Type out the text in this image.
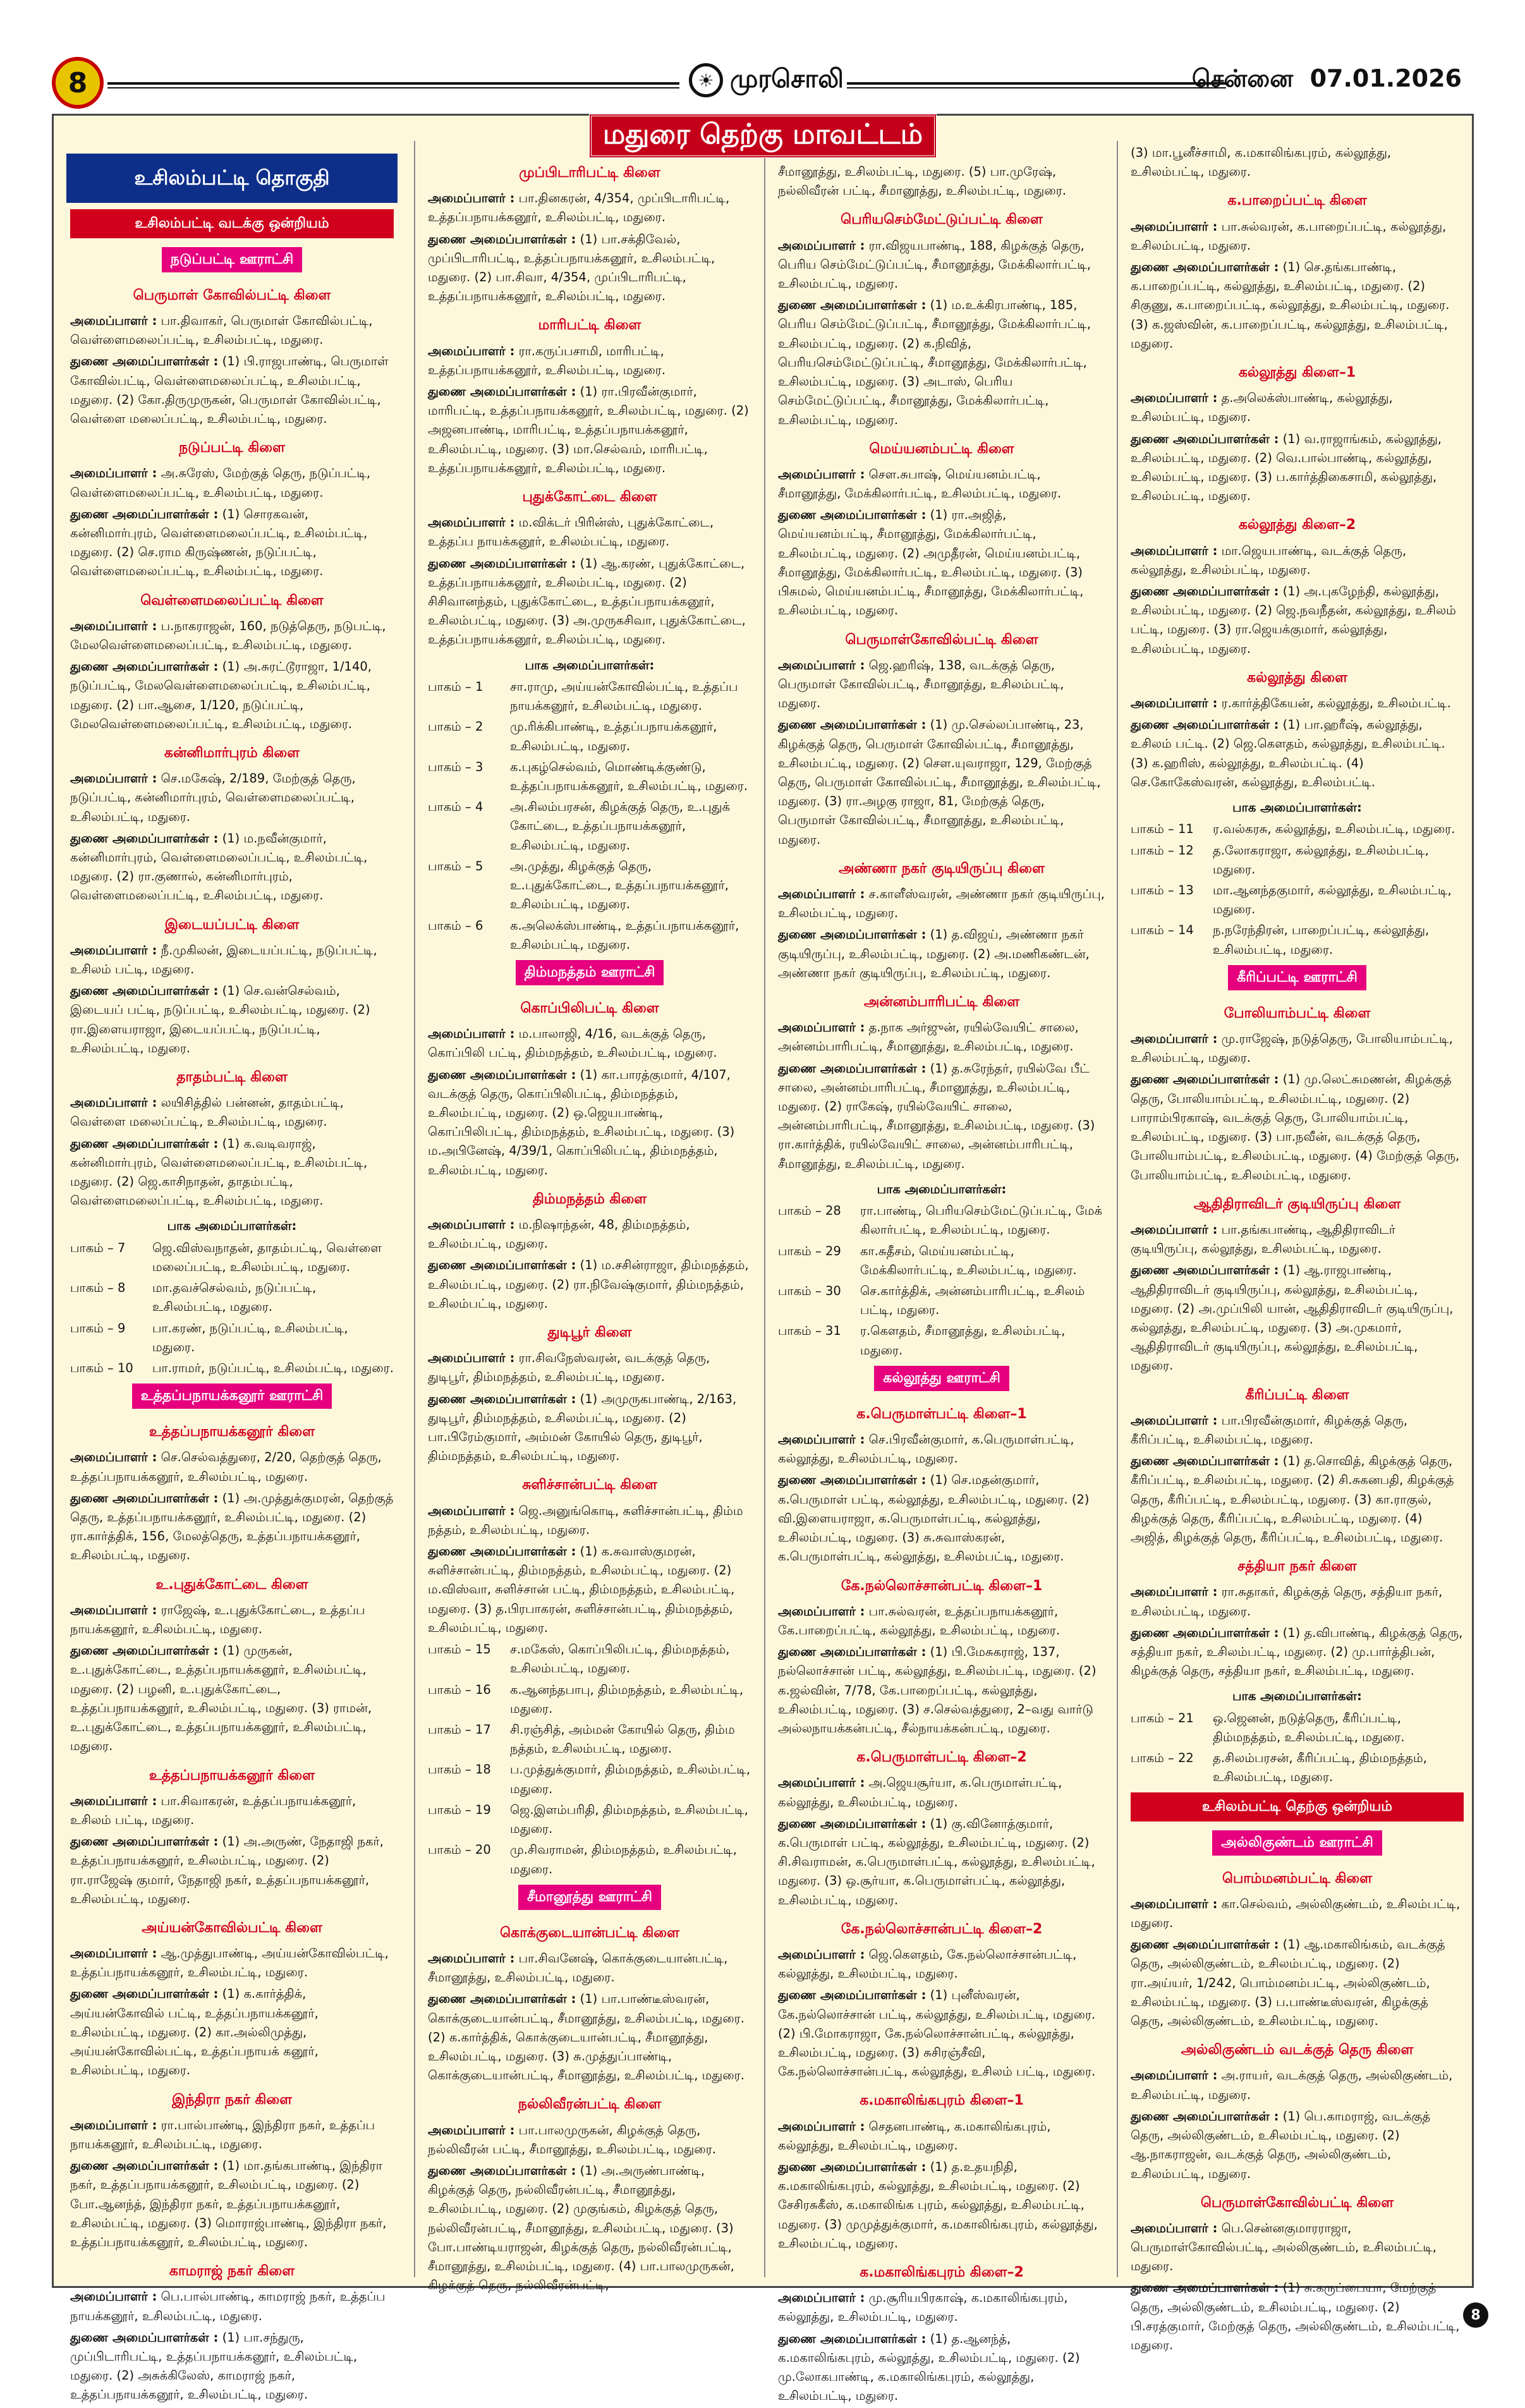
8	☀ முரசொலி	சென்னை 07.01.2026
உசிலம்பட்டி தொகுதி
உசிலம்பட்டி வடக்கு ஒன்றியம்
நடுப்பட்டி ஊராட்சி
பெருமாள் கோவில்பட்டி கிளை

அமைப்பாளர் : பா.திவாகர், பெருமாள் கோவில்பட்டி, வெள்ளைமலைப்பட்டி, உசிலம்பட்டி, மதுரை.

துணை அமைப்பாளர்கள் : (1) பி.ராஜபாண்டி, பெருமாள் கோவில்பட்டி, வெள்ளைமலைப்பட்டி, உசிலம்பட்டி, மதுரை. (2) கோ.திருமுருகன், பெருமாள் கோவில்பட்டி, வெள்ளை மலைப்பட்டி, உசிலம்பட்டி, மதுரை.

நடுப்பட்டி கிளை

அமைப்பாளர் : அ.சுரேஸ், மேற்குத் தெரு, நடுப்பட்டி, வெள்ளைமலைப்பட்டி, உசிலம்பட்டி, மதுரை.

துணை அமைப்பாளர்கள் : (1) சொரகவன், கன்னிமார்புரம், வெள்ளைமலைப்பட்டி, உசிலம்பட்டி, மதுரை. (2) செ.ராம கிருஷ்ணன், நடுப்பட்டி, வெள்ளைமலைப்பட்டி, உசிலம்பட்டி, மதுரை.

வெள்ளைமலைப்பட்டி கிளை

அமைப்பாளர் : ப.நாகராஜன், 160, நடுத்தெரு, நடுபட்டி, மேலவெள்ளைமலைப்பட்டி, உசிலம்பட்டி, மதுரை.

துணை அமைப்பாளர்கள் : (1) அ.சுரட்டூராஜா, 1/140, நடுப்பட்டி, மேலவெள்ளைமலைப்பட்டி, உசிலம்பட்டி, மதுரை. (2) பா.ஆசை, 1/120, நடுப்பட்டி, மேலவெள்ளைமலைப்பட்டி, உசிலம்பட்டி, மதுரை.

கன்னிமார்புரம் கிளை

அமைப்பாளர் : செ.மகேஷ், 2/189, மேற்குத் தெரு, நடுப்பட்டி, கன்னிமார்புரம், வெள்ளைமலைப்பட்டி, உசிலம்பட்டி, மதுரை.

துணை அமைப்பாளர்கள் : (1) ம.நவீன்குமார், கன்னிமார்புரம், வெள்ளைமலைப்பட்டி, உசிலம்பட்டி, மதுரை. (2) ரா.குணால், கன்னிமார்புரம், வெள்ளைமலைப்பட்டி, உசிலம்பட்டி, மதுரை.

இடையப்பட்டி கிளை

அமைப்பாளர் : நீ.முகிலன், இடையப்பட்டி, நடுப்பட்டி, உசிலம் பட்டி, மதுரை.

துணை அமைப்பாளர்கள் : (1) செ.வன்செல்வம், இடையப் பட்டி, நடுப்பட்டி, உசிலம்பட்டி, மதுரை. (2) ரா.இளையராஜா, இடையப்பட்டி, நடுப்பட்டி, உசிலம்பட்டி, மதுரை.

தாதம்பட்டி கிளை

அமைப்பாளர் : லயிசித்தில் பன்னன், தாதம்பட்டி, வெள்ளை மலைப்பட்டி, உசிலம்பட்டி, மதுரை.

துணை அமைப்பாளர்கள் : (1) க.வடிவராஜ், கன்னிமார்புரம், வெள்ளைமலைப்பட்டி, உசிலம்பட்டி, மதுரை. (2) ஜெ.காசிநாதன், தாதம்பட்டி, வெள்ளைமலைப்பட்டி, உசிலம்பட்டி, மதுரை.

பாக அமைப்பாளர்கள்:
பாகம் – 7	ஜெ.விஸ்வநாதன், தாதம்பட்டி, வெள்ளை மலைப்பட்டி, உசிலம்பட்டி, மதுரை.
பாகம் – 8	மா.தவச்செல்வம், நடுப்பட்டி, உசிலம்பட்டி, மதுரை.
பாகம் – 9	பா.கரண், நடுப்பட்டி, உசிலம்பட்டி, மதுரை.
பாகம் – 10	பா.ராமர், நடுப்பட்டி, உசிலம்பட்டி, மதுரை.
உத்தப்பநாயக்கனூர் ஊராட்சி
உத்தப்பநாயக்கனூர் கிளை

அமைப்பாளர் : செ.செல்வத்துரை, 2/20, தெற்குத் தெரு, உத்தப்பநாயக்கனூர், உசிலம்பட்டி, மதுரை.

துணை அமைப்பாளர்கள் : (1) அ.முத்துக்குமரன், தெற்குத் தெரு, உத்தப்பநாயக்கனூர், உசிலம்பட்டி, மதுரை. (2) ரா.கார்த்திக், 156, மேலத்தெரு, உத்தப்பநாயக்கனூர், உசிலம்பட்டி, மதுரை.

உ.புதுக்கோட்டை கிளை

அமைப்பாளர் : ராஜேஷ், உ.புதுக்கோட்டை, உத்தப்ப நாயக்கனூர், உசிலம்பட்டி, மதுரை.

துணை அமைப்பாளர்கள் : (1) முருகன், உ.புதுக்கோட்டை, உத்தப்பநாயக்கனூர், உசிலம்பட்டி, மதுரை. (2) பழனி, உ.புதுக்கோட்டை, உத்தப்பநாயக்கனூர், உசிலம்பட்டி, மதுரை. (3) ராமன், உ.புதுக்கோட்டை, உத்தப்பநாயக்கனூர், உசிலம்பட்டி, மதுரை.

உத்தப்பநாயக்கனூர் கிளை

அமைப்பாளர் : பா.சிவாகரன், உத்தப்பநாயக்கனூர், உசிலம் பட்டி, மதுரை.

துணை அமைப்பாளர்கள் : (1) அ.அருண், நேதாஜி நகர், உத்தப்பநாயக்கனூர், உசிலம்பட்டி, மதுரை. (2) ரா.ராஜேஷ் குமார், நேதாஜி நகர், உத்தப்பநாயக்கனூர், உசிலம்பட்டி, மதுரை.

அய்யன்கோவில்பட்டி கிளை

அமைப்பாளர் : ஆ.முத்துபாண்டி, அய்யன்கோவில்பட்டி, உத்தப்பநாயக்கனூர், உசிலம்பட்டி, மதுரை.

துணை அமைப்பாளர்கள் : (1) க.கார்த்திக், அய்யன்கோவில் பட்டி, உத்தப்பநாயக்கனூர், உசிலம்பட்டி, மதுரை. (2) கா.அல்லிமுத்து, அய்யன்கோவில்பட்டி, உத்தப்பநாயக் கனூர், உசிலம்பட்டி, மதுரை.

இந்திரா நகர் கிளை

அமைப்பாளர் : ரா.பால்பாண்டி, இந்திரா நகர், உத்தப்ப நாயக்கனூர், உசிலம்பட்டி, மதுரை.

துணை அமைப்பாளர்கள் : (1) மா.தங்கபாண்டி, இந்திரா நகர், உத்தப்பநாயக்கனூர், உசிலம்பட்டி, மதுரை. (2) போ.ஆனந்த், இந்திரா நகர், உத்தப்பநாயக்கனூர், உசிலம்பட்டி, மதுரை. (3) மொராஜ்பாண்டி, இந்திரா நகர், உத்தப்பநாயக்கனூர், உசிலம்பட்டி, மதுரை.

காமராஜ் நகர் கிளை

அமைப்பாளர் : பெ.பால்பாண்டி, காமராஜ் நகர், உத்தப்ப நாயக்கனூர், உசிலம்பட்டி, மதுரை.

துணை அமைப்பாளர்கள் : (1) பா.சந்துரு, முப்பிடாரிபட்டி, உத்தப்பநாயக்கனூர், உசிலம்பட்டி, மதுரை. (2) அசுக்கிலேஸ், காமராஜ் நகர், உத்தப்பநாயக்கனூர், உசிலம்பட்டி, மதுரை.

முப்பிடாரிபட்டி கிளை

அமைப்பாளர் : பா.தினகரன், 4/354, முப்பிடாரிபட்டி, உத்தப்பநாயக்கனூர், உசிலம்பட்டி, மதுரை.

துணை அமைப்பாளர்கள் : (1) பா.சக்திவேல், முப்பிடாரிபட்டி, உத்தப்பநாயக்கனூர், உசிலம்பட்டி, மதுரை. (2) பா.சிவா, 4/354, முப்பிடாரிபட்டி, உத்தப்பநாயக்கனூர், உசிலம்பட்டி, மதுரை.

மாரிபட்டி கிளை

அமைப்பாளர் : ரா.கருப்பசாமி, மாரிபட்டி, உத்தப்பநாயக்கனூர், உசிலம்பட்டி, மதுரை.

துணை அமைப்பாளர்கள் : (1) ரா.பிரவீன்குமார், மாரிபட்டி, உத்தப்பநாயக்கனூர், உசிலம்பட்டி, மதுரை. (2) அஜனபாண்டி, மாரிபட்டி, உத்தப்பநாயக்கனூர், உசிலம்பட்டி, மதுரை. (3) மா.செல்வம், மாரிபட்டி, உத்தப்பநாயக்கனூர், உசிலம்பட்டி, மதுரை.

புதுக்கோட்டை கிளை

அமைப்பாளர் : ம.விக்டர் பிரின்ஸ், புதுக்கோட்டை, உத்தப்ப நாயக்கனூர், உசிலம்பட்டி, மதுரை.

துணை அமைப்பாளர்கள் : (1) ஆ.கரண், புதுக்கோட்டை, உத்தப்பநாயக்கனூர், உசிலம்பட்டி, மதுரை. (2) சிசிவானந்தம், புதுக்கோட்டை, உத்தப்பநாயக்கனூர், உசிலம்பட்டி, மதுரை. (3) அ.முருகசிவா, புதுக்கோட்டை, உத்தப்பநாயக்கனூர், உசிலம்பட்டி, மதுரை.

பாக அமைப்பாளர்கள்:
பாகம் – 1	சா.ராமு, அய்யன்கோவில்பட்டி, உத்தப்ப நாயக்கனூர், உசிலம்பட்டி, மதுரை.
பாகம் – 2	மு.ரிக்கிபாண்டி, உத்தப்பநாயக்கனூர், உசிலம்பட்டி, மதுரை.
பாகம் – 3	க.புகழ்செல்வம், மொண்டிக்குண்டு, உத்தப்பநாயக்கனூர், உசிலம்பட்டி, மதுரை.
பாகம் – 4	அ.சிலம்பரசன், கிழக்குத் தெரு, உ.புதுக் கோட்டை, உத்தப்பநாயக்கனூர், உசிலம்பட்டி, மதுரை.
பாகம் – 5	அ.முத்து, கிழக்குத் தெரு, உ.புதுக்கோட்டை, உத்தப்பநாயக்கனூர், உசிலம்பட்டி, மதுரை.
பாகம் – 6	க.அலெக்ஸ்பாண்டி, உத்தப்பநாயக்கனூர், உசிலம்பட்டி, மதுரை.
திம்மநத்தம் ஊராட்சி
கொப்பிலிபட்டி கிளை

அமைப்பாளர் : ம.பாலாஜி, 4/16, வடக்குத் தெரு, கொப்பிலி பட்டி, திம்மநத்தம், உசிலம்பட்டி, மதுரை.

துணை அமைப்பாளர்கள் : (1) கா.பாரத்குமார், 4/107, வடக்குத் தெரு, கொப்பிலிபட்டி, திம்மநத்தம், உசிலம்பட்டி, மதுரை. (2) ஒ.ஜெயபாண்டி, கொப்பிலிபட்டி, திம்மநத்தம், உசிலம்பட்டி, மதுரை. (3) ம.அபினேஷ், 4/39/1, கொப்பிலிபட்டி, திம்மநத்தம், உசிலம்பட்டி, மதுரை.

திம்மநத்தம் கிளை

அமைப்பாளர் : ம.நிஷாந்தன், 48, திம்மநத்தம், உசிலம்பட்டி, மதுரை.

துணை அமைப்பாளர்கள் : (1) ம.சசின்ராஜா, திம்மநத்தம், உசிலம்பட்டி, மதுரை. (2) ரா.நிவேஷ்குமார், திம்மநத்தம், உசிலம்பட்டி, மதுரை.

துடிபூர் கிளை

அமைப்பாளர் : ரா.சிவநேஸ்வரன், வடக்குத் தெரு, துடிபூர், திம்மநத்தம், உசிலம்பட்டி, மதுரை.

துணை அமைப்பாளர்கள் : (1) அமுருகபாண்டி, 2/163, துடிபூர், திம்மநத்தம், உசிலம்பட்டி, மதுரை. (2) பா.பிரேம்குமார், அம்மன் கோயில் தெரு, துடிபூர், திம்மநத்தம், உசிலம்பட்டி, மதுரை.

சுளிச்சான்பட்டி கிளை

அமைப்பாளர் : ஜெ.அனுங்கொடி, சுளிச்சான்பட்டி, திம்ம நத்தம், உசிலம்பட்டி, மதுரை.

துணை அமைப்பாளர்கள் : (1) க.சுவாஸ்குமரன், சுளிச்சான்பட்டி, திம்மநத்தம், உசிலம்பட்டி, மதுரை. (2) ம.விஸ்வா, சுளிச்சான் பட்டி, திம்மநத்தம், உசிலம்பட்டி, மதுரை. (3) த.பிரபாகரன், சுளிச்சான்பட்டி, திம்மநத்தம், உசிலம்பட்டி, மதுரை.

பாகம் – 15	ச.மகேஸ், கொப்பிலிபட்டி, திம்மநத்தம், உசிலம்பட்டி, மதுரை.
பாகம் – 16	க.ஆனந்தபாபு, திம்மநத்தம், உசிலம்பட்டி, மதுரை.
பாகம் – 17	சி.ரஞ்சித், அம்மன் கோயில் தெரு, திம்ம நத்தம், உசிலம்பட்டி, மதுரை.
பாகம் – 18	ப.முத்துக்குமார், திம்மநத்தம், உசிலம்பட்டி, மதுரை.
பாகம் – 19	ஜெ.இளம்பரிதி, திம்மநத்தம், உசிலம்பட்டி, மதுரை.
பாகம் – 20	மு.சிவராமன், திம்மநத்தம், உசிலம்பட்டி, மதுரை.
சீமானூத்து ஊராட்சி
கொக்குடையான்பட்டி கிளை

அமைப்பாளர் : பா.சிவனேஷ், கொக்குடையான்பட்டி, சீமானூத்து, உசிலம்பட்டி, மதுரை.

துணை அமைப்பாளர்கள் : (1) பா.பாண்டீஸ்வரன், கொக்குடையான்பட்டி, சீமானூத்து, உசிலம்பட்டி, மதுரை. (2) க.கார்த்திக், கொக்குடையான்பட்டி, சீமானூத்து, உசிலம்பட்டி, மதுரை. (3) சு.முத்துப்பாண்டி, கொக்குடையான்பட்டி, சீமானூத்து, உசிலம்பட்டி, மதுரை.

நல்லிவீரன்பட்டி கிளை

அமைப்பாளர் : பா.பாலமுருகன், கிழக்குத் தெரு, நல்லிவீரன் பட்டி, சீமானூத்து, உசிலம்பட்டி, மதுரை.

துணை அமைப்பாளர்கள் : (1) அ.அருண்பாண்டி, கிழக்குத் தெரு, நல்லிவீரன்பட்டி, சீமானூத்து, உசிலம்பட்டி, மதுரை. (2) முகுங்கம், கிழக்குத் தெரு, நல்லிவீரன்பட்டி, சீமானூத்து, உசிலம்பட்டி, மதுரை. (3) போ.பாண்டியராஜன், கிழக்குத் தெரு, நல்லிவீரன்பட்டி, சீமானூத்து, உசிலம்பட்டி, மதுரை. (4) பா.பாலமுருகன், கிழக்குத் தெரு, நல்லிவீரன்பட்டி,

சீமானூத்து, உசிலம்பட்டி, மதுரை. (5) பா.முரேஷ், நல்லிவீரன் பட்டி, சீமானூத்து, உசிலம்பட்டி, மதுரை.

பெரியசெம்மேட்டுப்பட்டி கிளை

அமைப்பாளர் : ரா.விஜயபாண்டி, 188, கிழக்குத் தெரு, பெரிய செம்மேட்டுப்பட்டி, சீமானூத்து, மேக்கிலார்பட்டி, உசிலம்பட்டி, மதுரை.

துணை அமைப்பாளர்கள் : (1) ம.உக்கிரபாண்டி, 185, பெரிய செம்மேட்டுப்பட்டி, சீமானூத்து, மேக்கிலார்பட்டி, உசிலம்பட்டி, மதுரை. (2) க.நிவித், பெரியசெம்மேட்டுப்பட்டி, சீமானூத்து, மேக்கிலார்பட்டி, உசிலம்பட்டி, மதுரை. (3) அடாஸ், பெரிய செம்மேட்டுப்பட்டி, சீமானூத்து, மேக்கிலார்பட்டி, உசிலம்பட்டி, மதுரை.

மெய்யனம்பட்டி கிளை

அமைப்பாளர் : செள.சுபாஷ், மெய்யனம்பட்டி, சீமானூத்து, மேக்கிலார்பட்டி, உசிலம்பட்டி, மதுரை.

துணை அமைப்பாளர்கள் : (1) ரா.அஜித், மெய்யனம்பட்டி, சீமானூத்து, மேக்கிலார்பட்டி, உசிலம்பட்டி, மதுரை. (2) அமுதீரன், மெய்யனம்பட்டி, சீமானூத்து, மேக்கிலார்பட்டி, உசிலம்பட்டி, மதுரை. (3) பிசுமல், மெய்யனம்பட்டி, சீமானூத்து, மேக்கிலார்பட்டி, உசிலம்பட்டி, மதுரை.

பெருமாள்கோவில்பட்டி கிளை

அமைப்பாளர் : ஜெ.ஹரிஷ், 138, வடக்குத் தெரு, பெருமாள் கோவில்பட்டி, சீமானூத்து, உசிலம்பட்டி, மதுரை.

துணை அமைப்பாளர்கள் : (1) மு.செல்லப்பாண்டி, 23, கிழக்குத் தெரு, பெருமாள் கோவில்பட்டி, சீமானூத்து, உசிலம்பட்டி, மதுரை. (2) செள.யுவராஜா, 129, மேற்குத் தெரு, பெருமாள் கோவில்பட்டி, சீமானூத்து, உசிலம்பட்டி, மதுரை. (3) ரா.அழகு ராஜா, 81, மேற்குத் தெரு, பெருமாள் கோவில்பட்டி, சீமானூத்து, உசிலம்பட்டி, மதுரை.

அண்ணா நகர் குடியிருப்பு கிளை

அமைப்பாளர் : ச.காளீஸ்வரன், அண்ணா நகர் குடியிருப்பு, உசிலம்பட்டி, மதுரை.

துணை அமைப்பாளர்கள் : (1) த.விஜய், அண்ணா நகர் குடியிருப்பு, உசிலம்பட்டி, மதுரை. (2) அ.மணிகண்டன், அண்ணா நகர் குடியிருப்பு, உசிலம்பட்டி, மதுரை.

அன்னம்பாரிபட்டி கிளை

அமைப்பாளர் : த.நாக அர்ஜுன், ரயில்வேயிட் சாலை, அன்னம்பாரிபட்டி, சீமானூத்து, உசிலம்பட்டி, மதுரை.

துணை அமைப்பாளர்கள் : (1) த.சுரேந்தர், ரயில்வே பீட் சாலை, அன்னம்பாரிபட்டி, சீமானூத்து, உசிலம்பட்டி, மதுரை. (2) ராகேஷ், ரயில்வேயிட் சாலை, அன்னம்பாரிபட்டி, சீமானூத்து, உசிலம்பட்டி, மதுரை. (3) ரா.கார்த்திக், ரயில்வேயிட் சாலை, அன்னம்பாரிபட்டி, சீமானூத்து, உசிலம்பட்டி, மதுரை.

பாக அமைப்பாளர்கள்:
பாகம் – 28	ரா.பாண்டி, பெரியசெம்மேட்டுப்பட்டி, மேக் கிலார்பட்டி, உசிலம்பட்டி, மதுரை.
பாகம் – 29	கா.சுதீசம், மெய்யனம்பட்டி, மேக்கிலார்பட்டி, உசிலம்பட்டி, மதுரை.
பாகம் – 30	செ.கார்த்திக், அன்னம்பாரிபட்டி, உசிலம் பட்டி, மதுரை.
பாகம் – 31	ர.கௌதம், சீமானூத்து, உசிலம்பட்டி, மதுரை.
கல்லூத்து ஊராட்சி
க.பெருமாள்பட்டி கிளை–1

அமைப்பாளர் : செ.பிரவீன்குமார், க.பெருமாள்பட்டி, கல்லூத்து, உசிலம்பட்டி, மதுரை.

துணை அமைப்பாளர்கள் : (1) செ.மதன்குமார், க.பெருமாள் பட்டி, கல்லூத்து, உசிலம்பட்டி, மதுரை. (2) வி.இளையராஜா, க.பெருமாள்பட்டி, கல்லூத்து, உசிலம்பட்டி, மதுரை. (3) சு.சுவாஸ்கரன், க.பெருமாள்பட்டி, கல்லூத்து, உசிலம்பட்டி, மதுரை.

கே.நல்லொச்சான்பட்டி கிளை–1

அமைப்பாளர் : பா.சுல்வரன், உத்தப்பநாயக்கனூர், கே.பாறைப்பட்டி, கல்லூத்து, உசிலம்பட்டி, மதுரை.

துணை அமைப்பாளர்கள் : (1) பி.மேசுகராஜ், 137, நல்லொச்சான் பட்டி, கல்லூத்து, உசிலம்பட்டி, மதுரை. (2) க.ஜல்வின், 7/78, கே.பாறைப்பட்டி, கல்லூத்து, உசிலம்பட்டி, மதுரை. (3) ச.செல்வத்துரை, 2–வது வார்டு அல்லநாயக்கன்பட்டி, சீல்நாயக்கன்பட்டி, மதுரை.

க.பெருமாள்பட்டி கிளை–2

அமைப்பாளர் : அ.ஜெயசூர்யா, க.பெருமாள்பட்டி, கல்லூத்து, உசிலம்பட்டி, மதுரை.

துணை அமைப்பாளர்கள் : (1) கு.வினோத்குமார், க.பெருமாள் பட்டி, கல்லூத்து, உசிலம்பட்டி, மதுரை. (2) சி.சிவராமன், க.பெருமாள்பட்டி, கல்லூத்து, உசிலம்பட்டி, மதுரை. (3) ஒ.சூர்யா, க.பெருமாள்பட்டி, கல்லூத்து, உசிலம்பட்டி, மதுரை.

கே.நல்லொச்சான்பட்டி கிளை–2

அமைப்பாளர் : ஜெ.கெளதம், கே.நல்லொச்சான்பட்டி, கல்லூத்து, உசிலம்பட்டி, மதுரை.

துணை அமைப்பாளர்கள் : (1) புனீஸ்வரன், கே.நல்லொச்சான் பட்டி, கல்லூத்து, உசிலம்பட்டி, மதுரை. (2) பி.மோகராஜா, கே.நல்லொச்சான்பட்டி, கல்லூத்து, உசிலம்பட்டி, மதுரை. (3) சுசிரஞ்சீவி, கே.நல்லொச்சான்பட்டி, கல்லூத்து, உசிலம் பட்டி, மதுரை.

க.மகாலிங்கபுரம் கிளை–1

அமைப்பாளர் : செதனபாண்டி, க.மகாலிங்கபுரம், கல்லூத்து, உசிலம்பட்டி, மதுரை.

துணை அமைப்பாளர்கள் : (1) த.உதயநிதி, க.மகாலிங்கபுரம், கல்லூத்து, உசிலம்பட்டி, மதுரை. (2) சேசிரசுகீஸ், க.மகாலிங்க புரம், கல்லூத்து, உசிலம்பட்டி, மதுரை. (3) முமுத்துக்குமார், க.மகாலிங்கபுரம், கல்லூத்து, உசிலம்பட்டி, மதுரை.

க.மகாலிங்கபுரம் கிளை–2

அமைப்பாளர் : மு.சூரியபிரகாஷ், க.மகாலிங்கபுரம், கல்லூத்து, உசிலம்பட்டி, மதுரை.

துணை அமைப்பாளர்கள் : (1) த.ஆனந்த், க.மகாலிங்கபுரம், கல்லூத்து, உசிலம்பட்டி, மதுரை. (2) மு.லோகபாண்டி, க.மகாலிங்கபுரம், கல்லூத்து, உசிலம்பட்டி, மதுரை.

(3) மா.பூனீச்சாமி, க.மகாலிங்கபுரம், கல்லூத்து, உசிலம்பட்டி, மதுரை.

க.பாறைப்பட்டி கிளை

அமைப்பாளர் : பா.சுல்வரன், க.பாறைப்பட்டி, கல்லூத்து, உசிலம்பட்டி, மதுரை.

துணை அமைப்பாளர்கள் : (1) செ.தங்கபாண்டி, க.பாறைப்பட்டி, கல்லூத்து, உசிலம்பட்டி, மதுரை. (2) சிகுணு, க.பாறைப்பட்டி, கல்லூத்து, உசிலம்பட்டி, மதுரை. (3) க.ஜஸ்வின், க.பாறைப்பட்டி, கல்லூத்து, உசிலம்பட்டி, மதுரை.

கல்லூத்து கிளை–1

அமைப்பாளர் : த.அலெக்ஸ்பாண்டி, கல்லூத்து, உசிலம்பட்டி, மதுரை.

துணை அமைப்பாளர்கள் : (1) வ.ராஜாங்கம், கல்லூத்து, உசிலம்பட்டி, மதுரை. (2) வெ.பால்பாண்டி, கல்லூத்து, உசிலம்பட்டி, மதுரை. (3) ப.கார்த்திகைசாமி, கல்லூத்து, உசிலம்பட்டி, மதுரை.

கல்லூத்து கிளை–2

அமைப்பாளர் : மா.ஜெயபாண்டி, வடக்குத் தெரு, கல்லூத்து, உசிலம்பட்டி, மதுரை.

துணை அமைப்பாளர்கள் : (1) அ.புகழேந்தி, கல்லூத்து, உசிலம்பட்டி, மதுரை. (2) ஜெ.நவநீதன், கல்லூத்து, உசிலம் பட்டி, மதுரை. (3) ரா.ஜெயக்குமார், கல்லூத்து, உசிலம்பட்டி, மதுரை.

கல்லூத்து கிளை

அமைப்பாளர் : ர.கார்த்திகேயன், கல்லூத்து, உசிலம்பட்டி.

துணை அமைப்பாளர்கள் : (1) பா.ஹரீஷ், கல்லூத்து, உசிலம் பட்டி. (2) ஜெ.கௌதம், கல்லூத்து, உசிலம்பட்டி. (3) க.ஹரிஸ், கல்லூத்து, உசிலம்பட்டி. (4) செ.கோகேஸ்வரன், கல்லூத்து, உசிலம்பட்டி.

பாக அமைப்பாளர்கள்:
பாகம் – 11	ர.வல்கரசு, கல்லூத்து, உசிலம்பட்டி, மதுரை.
பாகம் – 12	த.லோகராஜா, கல்லூத்து, உசிலம்பட்டி, மதுரை.
பாகம் – 13	மா.ஆனந்தகுமார், கல்லூத்து, உசிலம்பட்டி, மதுரை.
பாகம் – 14	ந.நரேந்திரன், பாறைப்பட்டி, கல்லூத்து, உசிலம்பட்டி, மதுரை.
கீரிப்பட்டி ஊராட்சி
போலியாம்பட்டி கிளை

அமைப்பாளர் : மு.ராஜேஷ், நடுத்தெரு, போலியாம்பட்டி, உசிலம்பட்டி, மதுரை.

துணை அமைப்பாளர்கள் : (1) மு.லெட்சுமணன், கிழக்குத் தெரு, போலியாம்பட்டி, உசிலம்பட்டி, மதுரை. (2) பாராம்பிரகாஷ், வடக்குத் தெரு, போலியாம்பட்டி, உசிலம்பட்டி, மதுரை. (3) பா.நவீன், வடக்குத் தெரு, போலியாம்பட்டி, உசிலம்பட்டி, மதுரை. (4) மேற்குத் தெரு, போலியாம்பட்டி, உசிலம்பட்டி, மதுரை.

ஆதிதிராவிடர் குடியிருப்பு கிளை

அமைப்பாளர் : பா.தங்கபாண்டி, ஆதிதிராவிடர் குடியிருப்பு, கல்லூத்து, உசிலம்பட்டி, மதுரை.

துணை அமைப்பாளர்கள் : (1) ஆ.ராஜபாண்டி, ஆதிதிராவிடர் குடியிருப்பு, கல்லூத்து, உசிலம்பட்டி, மதுரை. (2) அ.முப்பிலி யான், ஆதிதிராவிடர் குடியிருப்பு, கல்லூத்து, உசிலம்பட்டி, மதுரை. (3) அ.முகமார், ஆதிதிராவிடர் குடியிருப்பு, கல்லூத்து, உசிலம்பட்டி, மதுரை.

கீரிப்பட்டி கிளை

அமைப்பாளர் : பா.பிரவீன்குமார், கிழக்குத் தெரு, கீரிப்பட்டி, உசிலம்பட்டி, மதுரை.

துணை அமைப்பாளர்கள் : (1) த.சொவித், கிழக்குத் தெரு, கீரிப்பட்டி, உசிலம்பட்டி, மதுரை. (2) சி.சுகனபதி, கிழக்குத் தெரு, கீரிப்பட்டி, உசிலம்பட்டி, மதுரை. (3) கா.ராகுல், கிழக்குத் தெரு, கீரிப்பட்டி, உசிலம்பட்டி, மதுரை. (4) அஜித், கிழக்குத் தெரு, கீரிப்பட்டி, உசிலம்பட்டி, மதுரை.

சத்தியா நகர் கிளை

அமைப்பாளர் : ரா.சுதாகர், கிழக்குத் தெரு, சத்தியா நகர், உசிலம்பட்டி, மதுரை.

துணை அமைப்பாளர்கள் : (1) த.விபாண்டி, கிழக்குத் தெரு, சத்தியா நகர், உசிலம்பட்டி, மதுரை. (2) மு.பார்த்திபன், கிழக்குத் தெரு, சத்தியா நகர், உசிலம்பட்டி, மதுரை.

பாக அமைப்பாளர்கள்:
பாகம் – 21	ஒ.ஜெனன், நடுத்தெரு, கீரிப்பட்டி, திம்மநத்தம், உசிலம்பட்டி, மதுரை.
பாகம் – 22	த.சிலம்பரசன், கீரிப்பட்டி, திம்மநத்தம், உசிலம்பட்டி, மதுரை.
உசிலம்பட்டி தெற்கு ஒன்றியம்
அல்லிகுண்டம் ஊராட்சி
பொம்மனம்பட்டி கிளை

அமைப்பாளர் : கா.செல்வம், அல்லிகுண்டம், உசிலம்பட்டி, மதுரை.

துணை அமைப்பாளர்கள் : (1) ஆ.மகாலிங்கம், வடக்குத் தெரு, அல்லிகுண்டம், உசிலம்பட்டி, மதுரை. (2) ரா.அய்யர், 1/242, பொம்மனம்பட்டி, அல்லிகுண்டம், உசிலம்பட்டி, மதுரை. (3) ப.பாண்டீஸ்வரன், கிழக்குத் தெரு, அல்லிகுண்டம், உசிலம்பட்டி, மதுரை.

அல்லிகுண்டம் வடக்குத் தெரு கிளை

அமைப்பாளர் : அ.ராயர், வடக்குத் தெரு, அல்லிகுண்டம், உசிலம்பட்டி, மதுரை.

துணை அமைப்பாளர்கள் : (1) பெ.காமராஜ், வடக்குத் தெரு, அல்லிகுண்டம், உசிலம்பட்டி, மதுரை. (2) ஆ.நாகராஜன், வடக்குத் தெரு, அல்லிகுண்டம், உசிலம்பட்டி, மதுரை.

பெருமாள்கோவில்பட்டி கிளை

அமைப்பாளர் : பெ.சென்னகுமாரராஜா, பெருமாள்கோவில்பட்டி, அல்லிகுண்டம், உசிலம்பட்டி, மதுரை.

துணை அமைப்பாளர்கள் : (1) சு.கருப்பையா, மேற்குத் தெரு, அல்லிகுண்டம், உசிலம்பட்டி, மதுரை. (2) பி.சரத்குமார், மேற்குத் தெரு, அல்லிகுண்டம், உசிலம்பட்டி, மதுரை.

மதுரை தெற்கு மாவட்டம்
8
